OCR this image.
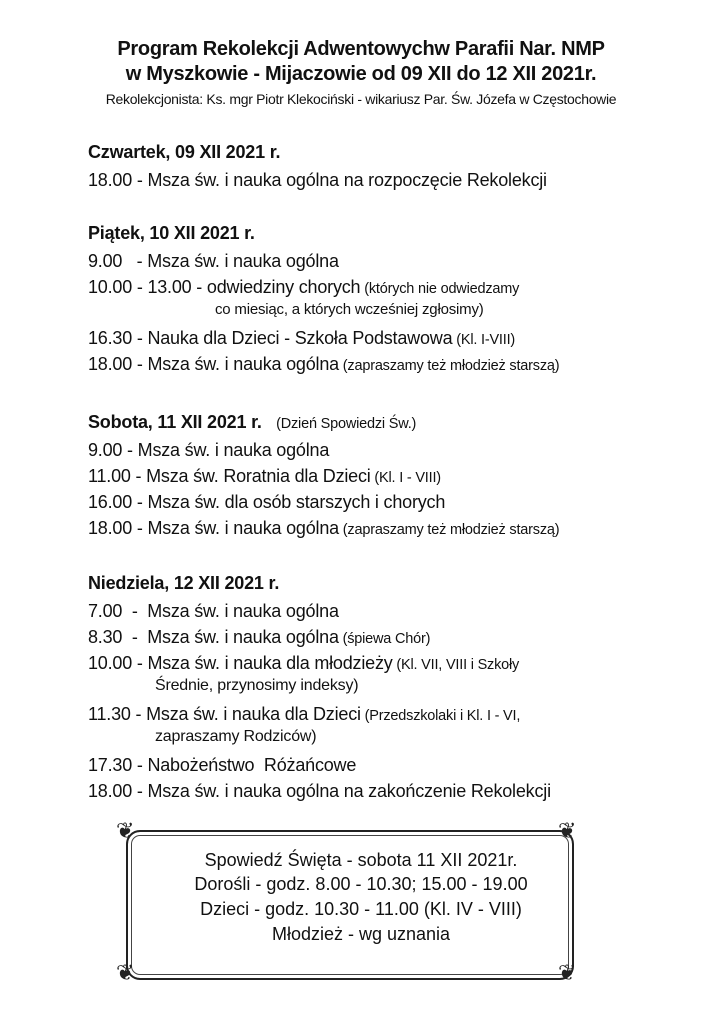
Program Rekolekcji Adwentowychw Parafii Nar. NMP
w Myszkowie - Mijaczowie od 09 XII do 12 XII 2021r.
Rekolekcjonista: Ks. mgr Piotr Klekociński - wikariusz Par. Św. Józefa w Częstochowie
Czwartek, 09 XII 2021 r.
18.00 - Msza św. i nauka ogólna na rozpoczęcie Rekolekcji
Piątek, 10 XII 2021 r.
9.00   - Msza św. i nauka ogólna
10.00 - 13.00 - odwiedziny chorych (których nie odwiedzamy
co miesiąc, a których wcześniej zgłosimy)
16.30 - Nauka dla Dzieci - Szkoła Podstawowa (Kl. I-VIII)
18.00 - Msza św. i nauka ogólna (zapraszamy też młodzież starszą)
Sobota, 11 XII 2021 r. (Dzień Spowiedzi Św.)
9.00 - Msza św. i nauka ogólna
11.00 - Msza św. Roratnia dla Dzieci (Kl. I - VIII)
16.00 - Msza św. dla osób starszych i chorych
18.00 - Msza św. i nauka ogólna (zapraszamy też młodzież starszą)
Niedziela, 12 XII 2021 r.
7.00  -  Msza św. i nauka ogólna
8.30  -  Msza św. i nauka ogólna (śpiewa Chór)
10.00 - Msza św. i nauka dla młodzieży (Kl. VII, VIII i Szkoły
Średnie, przynosimy indeksy)
11.30 - Msza św. i nauka dla Dzieci (Przedszkolaki i Kl. I - VI,
zapraszamy Rodziców)
17.30 - Nabożeństwo  Różańcowe
18.00 - Msza św. i nauka ogólna na zakończenie Rekolekcji
❦	❦
❦	❦
Spowiedź Święta - sobota 11 XII 2021r.
Dorośli - godz. 8.00 - 10.30; 15.00 - 19.00
Dzieci - godz. 10.30 - 11.00 (Kl. IV - VIII)
Młodzież - wg uznania
